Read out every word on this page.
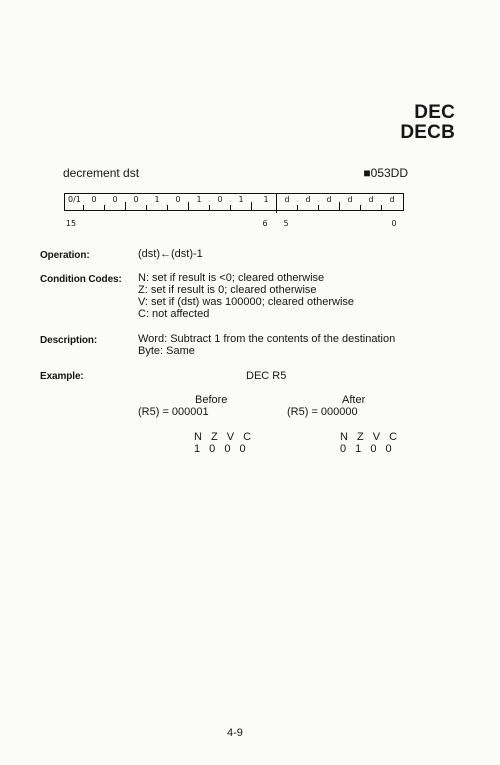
DEC
DECB
decrement dst	■053DD
0/1 0 0 0 1 0 1 0 1 1 d d d d d d
15	6 5	0
Operation:	(dst)←(dst)-1
Condition Codes: N: set if result is <0; cleared otherwise
Z: set if result is 0; cleared otherwise
V: set if (dst) was 100000; cleared otherwise
C: not affected
Description:	Word: Subtract 1 from the contents of the destination
Byte: Same
Example:	DEC R5
Before
(R5) = 000001
N Z V C
1 0 0 0
After
(R5) = 000000
N Z V C
0 1 0 0
4-9
